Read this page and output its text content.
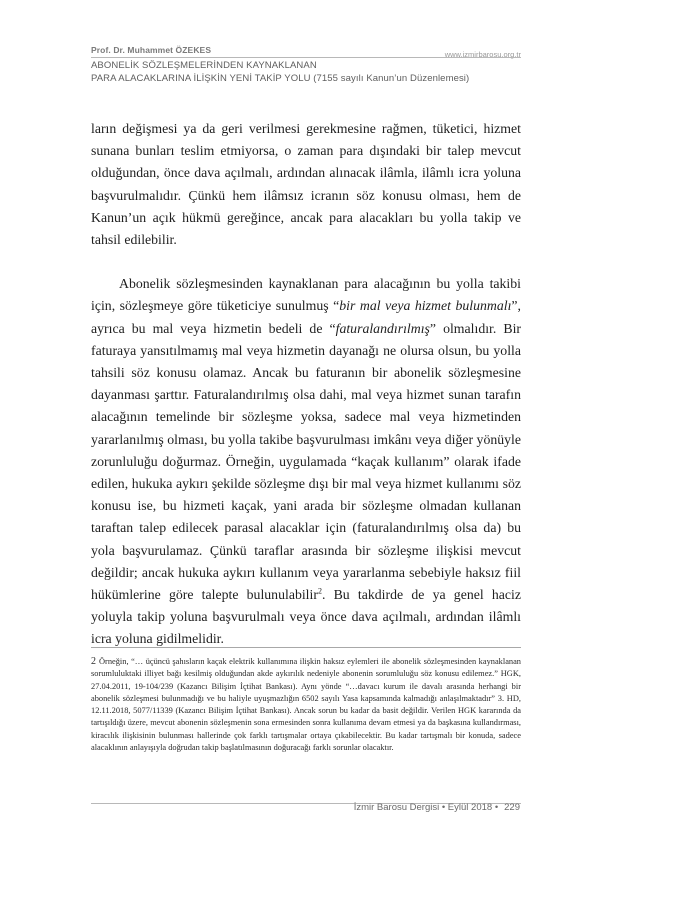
Prof. Dr. Muhammet ÖZEKES	www.izmirbarosu.org.tr
ABONELİK SÖZLEŞMELERİNDEN KAYNAKLANAN
PARA ALACAKLARINA İLİŞKİN YENİ TAKİP YOLU (7155 sayılı Kanun’un Düzenlemesi)

ların değişmesi ya da geri verilmesi gerekmesine rağmen, tüketici, hizmet sunana bunları teslim etmiyorsa, o zaman para dışındaki bir talep mevcut olduğundan, önce dava açılmalı, ardından alınacak ilâmla, ilâmlı icra yoluna başvurulmalıdır. Çünkü hem ilâmsız icranın söz konusu olması, hem de Kanun’un açık hükmü gereğince, ancak para alacakları bu yolla takip ve tahsil edilebilir.

Abonelik sözleşmesinden kaynaklanan para alacağının bu yolla takibi için, sözleşmeye göre tüketiciye sunulmuş “bir mal veya hizmet bulunmalı”, ayrıca bu mal veya hizmetin bedeli de “faturalandırılmış” olmalıdır. Bir faturaya yansıtılmamış mal veya hizmetin dayanağı ne olursa olsun, bu yolla tahsili söz konusu olamaz. Ancak bu faturanın bir abonelik sözleşmesine dayanması şarttır. Faturalandırılmış olsa dahi, mal veya hizmet sunan tarafın alacağının temelinde bir sözleşme yoksa, sadece mal veya hizmetinden yararlanılmış olması, bu yolla takibe başvurulması imkânı veya diğer yönüyle zorunluluğu doğurmaz. Örneğin, uygulamada “kaçak kullanım” olarak ifade edilen, hukuka aykırı şekilde sözleşme dışı bir mal veya hizmet kullanımı söz konusu ise, bu hizmeti kaçak, yani arada bir sözleşme olmadan kullanan taraftan talep edilecek parasal alacaklar için (faturalandırılmış olsa da) bu yola başvurulamaz. Çünkü taraflar arasında bir sözleşme ilişkisi mevcut değildir; ancak hukuka aykırı kullanım veya yararlanma sebebiyle haksız fiil hükümlerine göre talepte bulunulabilir$^2$. Bu takdirde de ya genel haciz yoluyla takip yoluna başvurulmalı veya önce dava açılmalı, ardından ilâmlı icra yoluna gidilmelidir.

2 Örneğin, “… üçüncü şahısların kaçak elektrik kullanımına ilişkin haksız eylemleri ile abonelik sözleşmesinden kaynaklanan sorumluluktaki illiyet bağı kesilmiş olduğundan akde aykırılık nedeniyle abonenin sorumluluğu söz konusu edilemez.” HGK, 27.04.2011, 19-104/239 (Kazancı Bilişim İçtihat Bankası). Aynı yönde “…davacı kurum ile davalı arasında herhangi bir abonelik sözleşmesi bulunmadığı ve bu haliyle uyuşmazlığın 6502 sayılı Yasa kapsamında kalmadığı anlaşılmaktadır” 3. HD, 12.11.2018, 5077/11339 (Kazancı Bilişim İçtihat Bankası). Ancak sorun bu kadar da basit değildir. Verilen HGK kararında da tartışıldığı üzere, mevcut abonenin sözleşmenin sona ermesinden sonra kullanıma devam etmesi ya da başkasına kullandırması, kiracılık ilişkisinin bulunması hallerinde çok farklı tartışmalar ortaya çıkabilecektir. Bu kadar tartışmalı bir konuda, sadece alacaklının anlayışıyla doğrudan takip başlatılmasının doğuracağı farklı sorunlar olacaktır.
İzmir Barosu Dergisi • Eylül 2018 • 229
